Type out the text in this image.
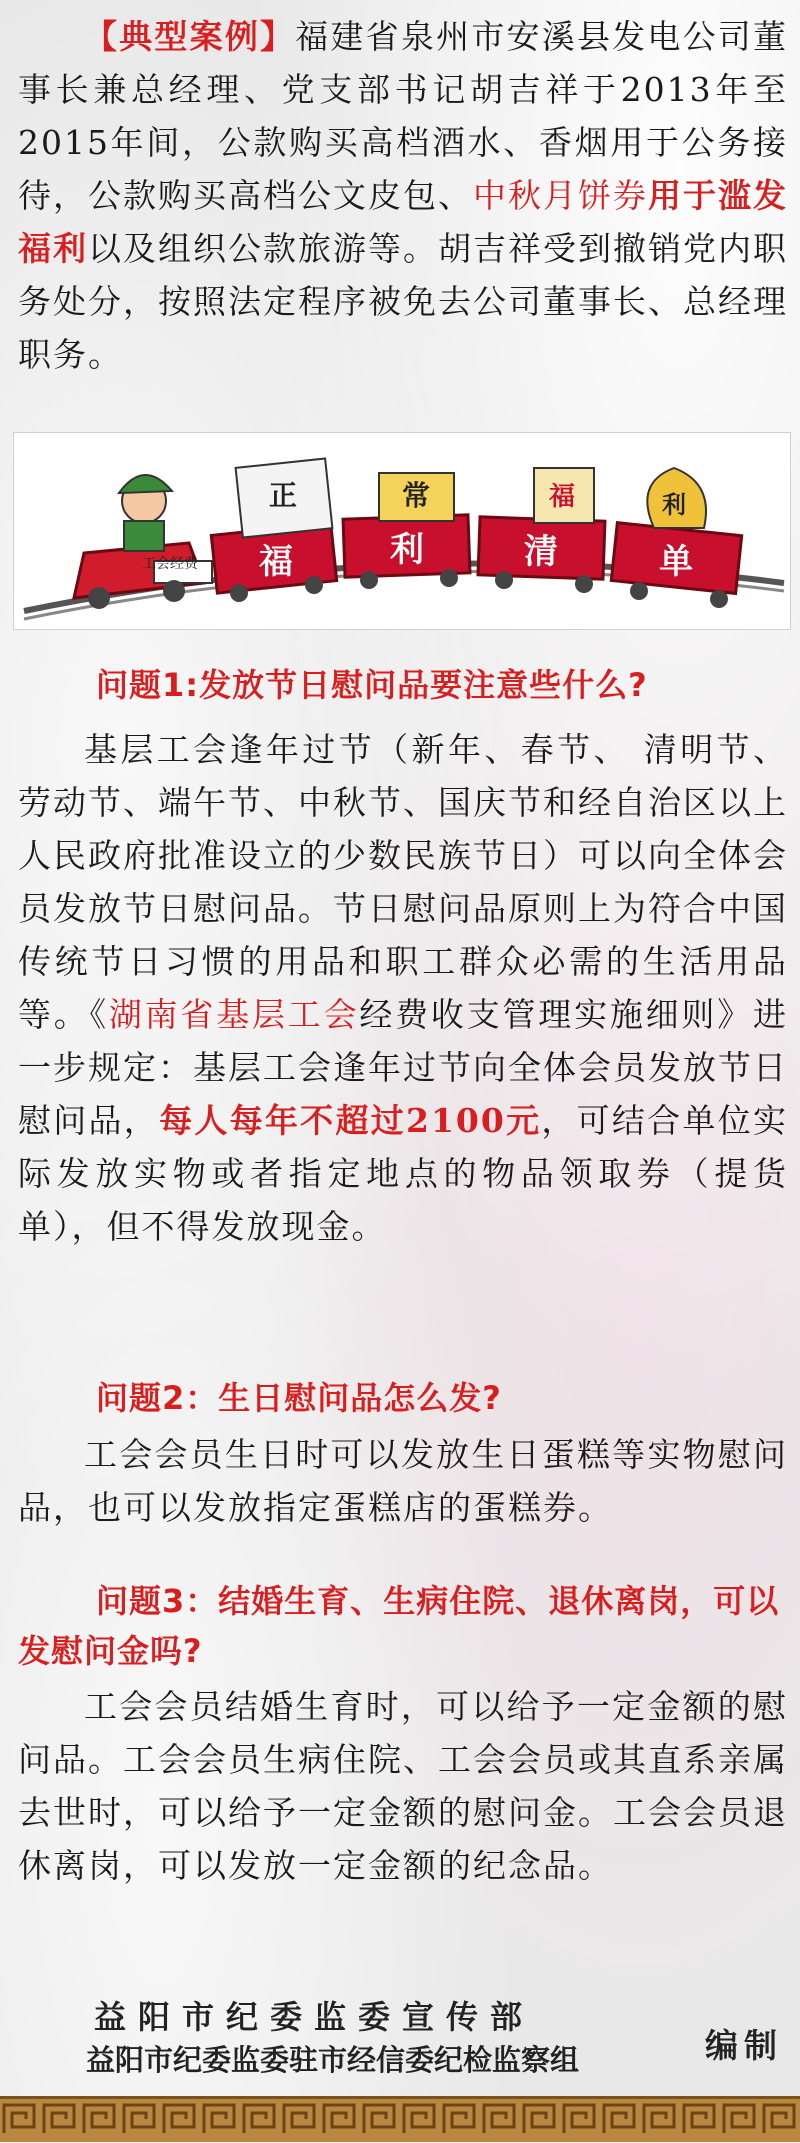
【典型案例】福建省泉州市安溪县发电公司董事长兼总经理、党支部书记胡吉祥于2013年至2015年间，公款购买高档酒水、香烟用于公务接待，公款购买高档公文皮包、中秋月饼券用于滥发福利以及组织公款旅游等。胡吉祥受到撤销党内职务处分，按照法定程序被免去公司董事长、总经理职务。

工会经费
正	常	福	利
福	利	清	单
问题1:发放节日慰问品要注意些什么?

基层工会逢年过节（新年、春节、 清明节、劳动节、端午节、中秋节、国庆节和经自治区以上人民政府批准设立的少数民族节日）可以向全体会员发放节日慰问品。节日慰问品原则上为符合中国传统节日习惯的用品和职工群众必需的生活用品等。《湖南省基层工会经费收支管理实施细则》进一步规定：基层工会逢年过节向全体会员发放节日慰问品，每人每年不超过2100元，可结合单位实际发放实物或者指定地点的物品领取券（提货单），但不得发放现金。

问题2：生日慰问品怎么发?

工会会员生日时可以发放生日蛋糕等实物慰问品，也可以发放指定蛋糕店的蛋糕券。

问题3：结婚生育、生病住院、退休离岗，可以发慰问金吗?

工会会员结婚生育时，可以给予一定金额的慰问品。工会会员生病住院、工会会员或其直系亲属去世时，可以给予一定金额的慰问金。工会会员退休离岗，可以发放一定金额的纪念品。

益阳市纪委监委宣传部
益阳市纪委监委驻市经信委纪检监察组	编制
